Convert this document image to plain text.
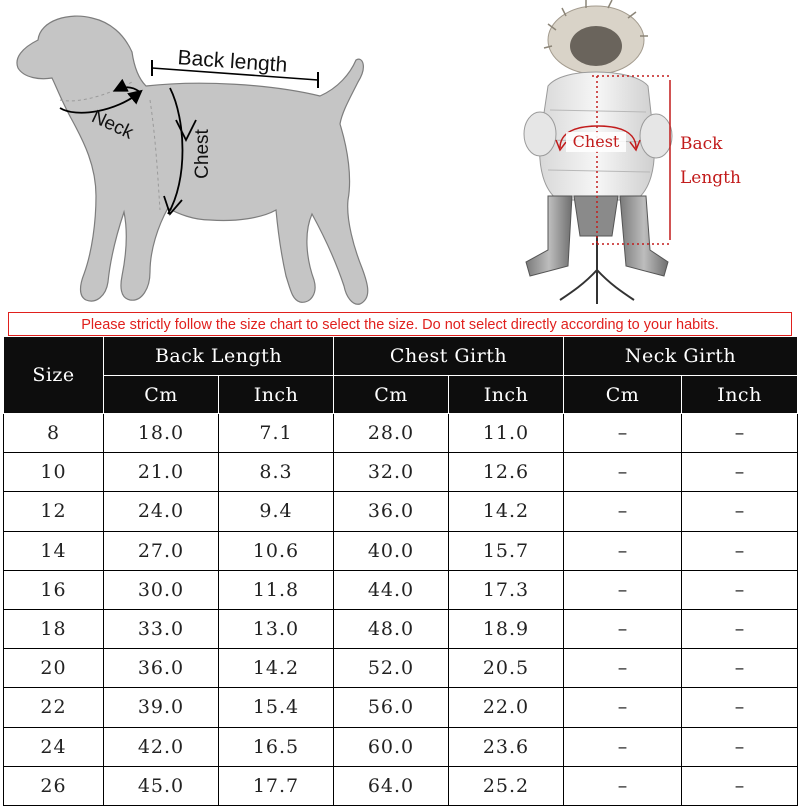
Back length
Neck
Chest	Chest	Back
Length
Please strictly follow the size chart to select the size. Do not select directly according to your habits.
Size	Back Length		Chest Girth		Neck Girth	
	Cm	Inch	Cm	Inch	Cm	Inch
8	18.0	7.1	28.0	11.0	–	–
10	21.0	8.3	32.0	12.6	–	–
12	24.0	9.4	36.0	14.2	–	–
14	27.0	10.6	40.0	15.7	–	–
16	30.0	11.8	44.0	17.3	–	–
18	33.0	13.0	48.0	18.9	–	–
20	36.0	14.2	52.0	20.5	–	–
22	39.0	15.4	56.0	22.0	–	–
24	42.0	16.5	60.0	23.6	–	–
26	45.0	17.7	64.0	25.2	–	–
